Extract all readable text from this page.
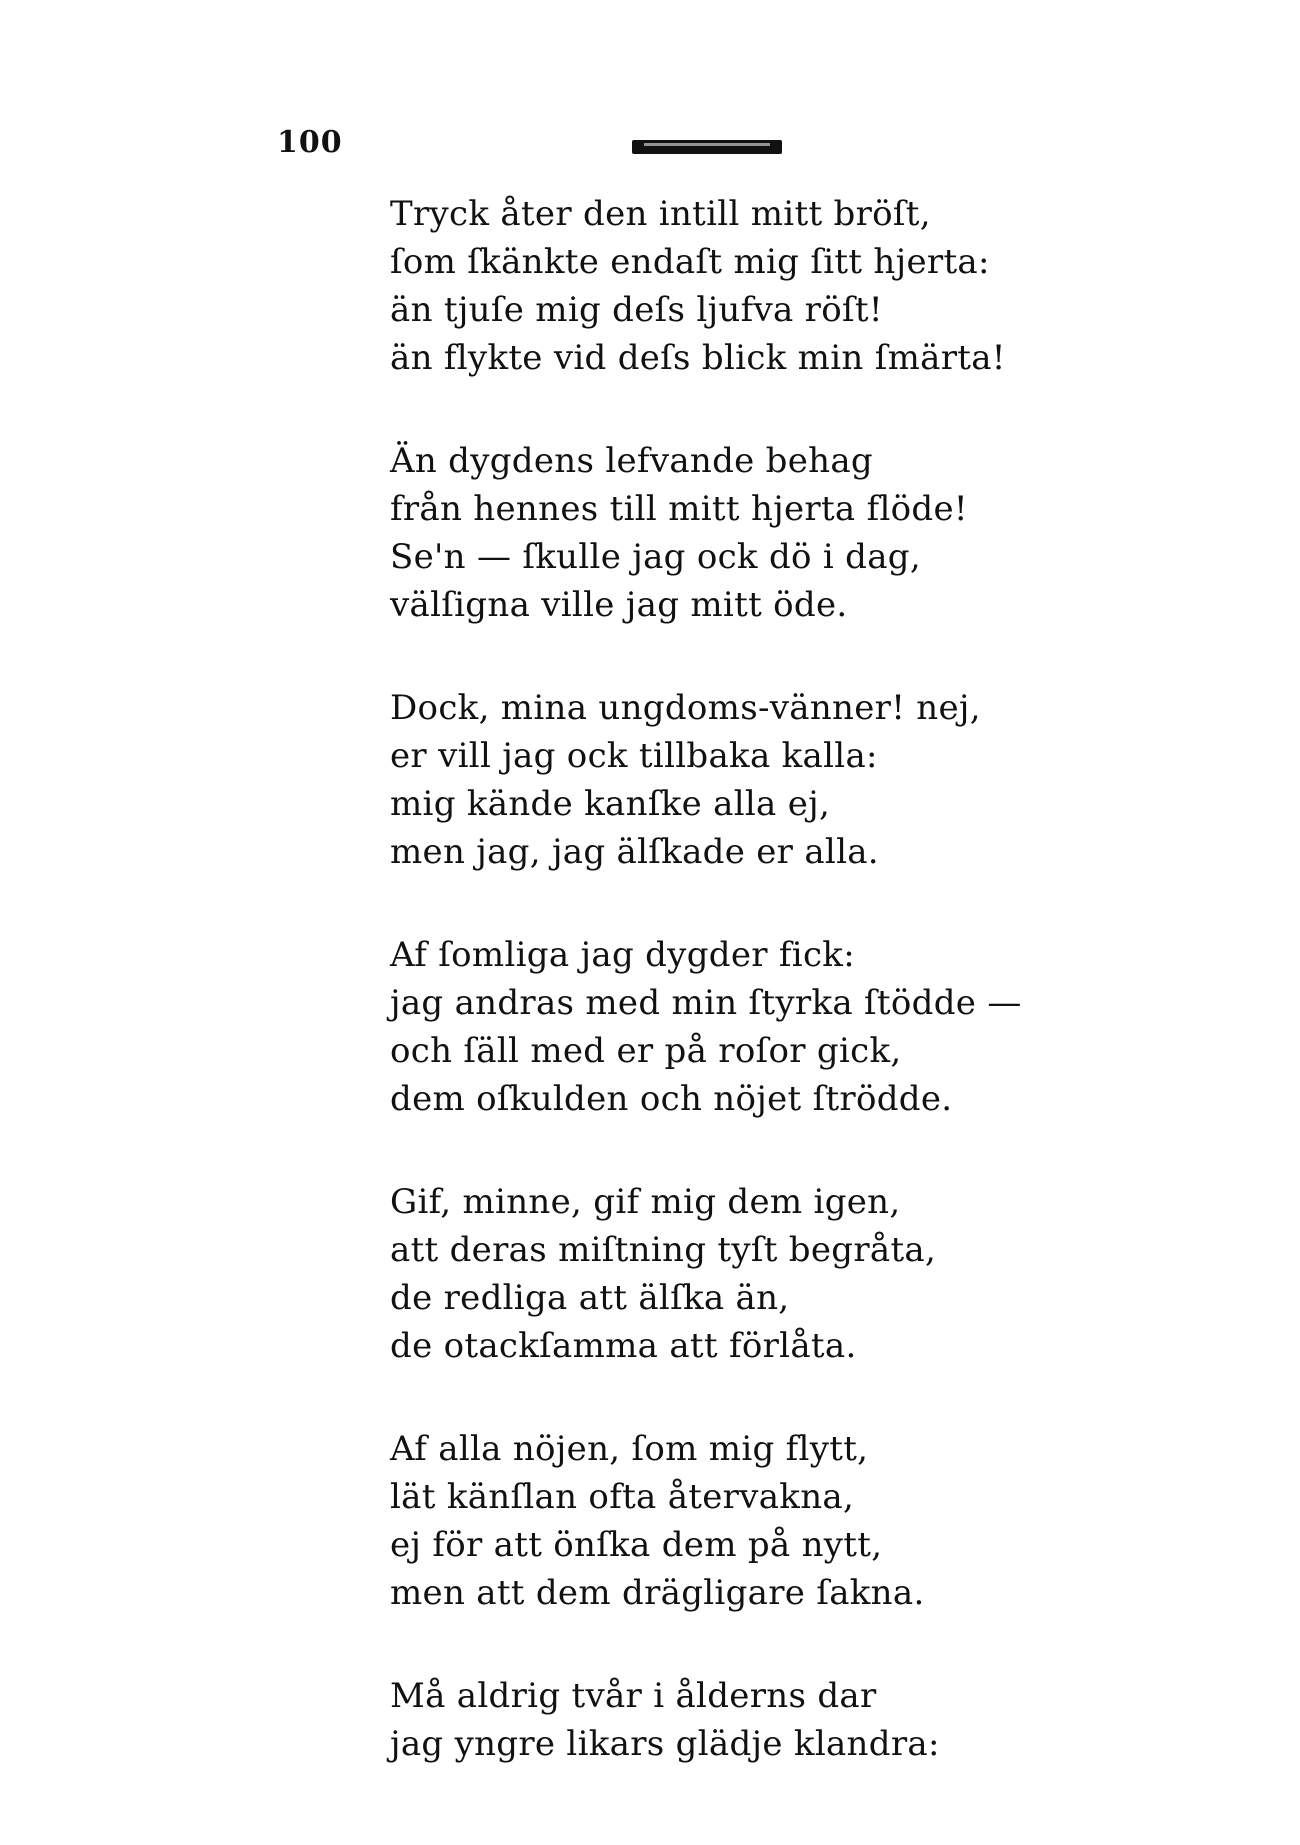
100
Tryck åter den intill mitt bröſt,
ſom ſkänkte endaſt mig ſitt hjerta:
än tjuſe mig deſs ljufva röſt!
än flykte vid deſs blick min ſmärta!
Än dygdens lefvande behag
från hennes till mitt hjerta flöde!
Se'n — ſkulle jag ock dö i dag,
välſigna ville jag mitt öde.
Dock, mina ungdoms-vänner! nej,
er vill jag ock tillbaka kalla:
mig kände kanſke alla ej,
men jag, jag älſkade er alla.
Af ſomliga jag dygder fick:
jag andras med min ſtyrka ſtödde —
och ſäll med er på roſor gick,
dem oſkulden och nöjet ſtrödde.
Gif, minne, gif mig dem igen,
att deras miſtning tyſt begråta,
de redliga att älſka än,
de otackſamma att förlåta.
Af alla nöjen, ſom mig flytt,
lät känſlan ofta återvakna,
ej för att önſka dem på nytt,
men att dem drägligare ſakna.
Må aldrig tvår i ålderns dar
jag yngre likars glädje klandra:
